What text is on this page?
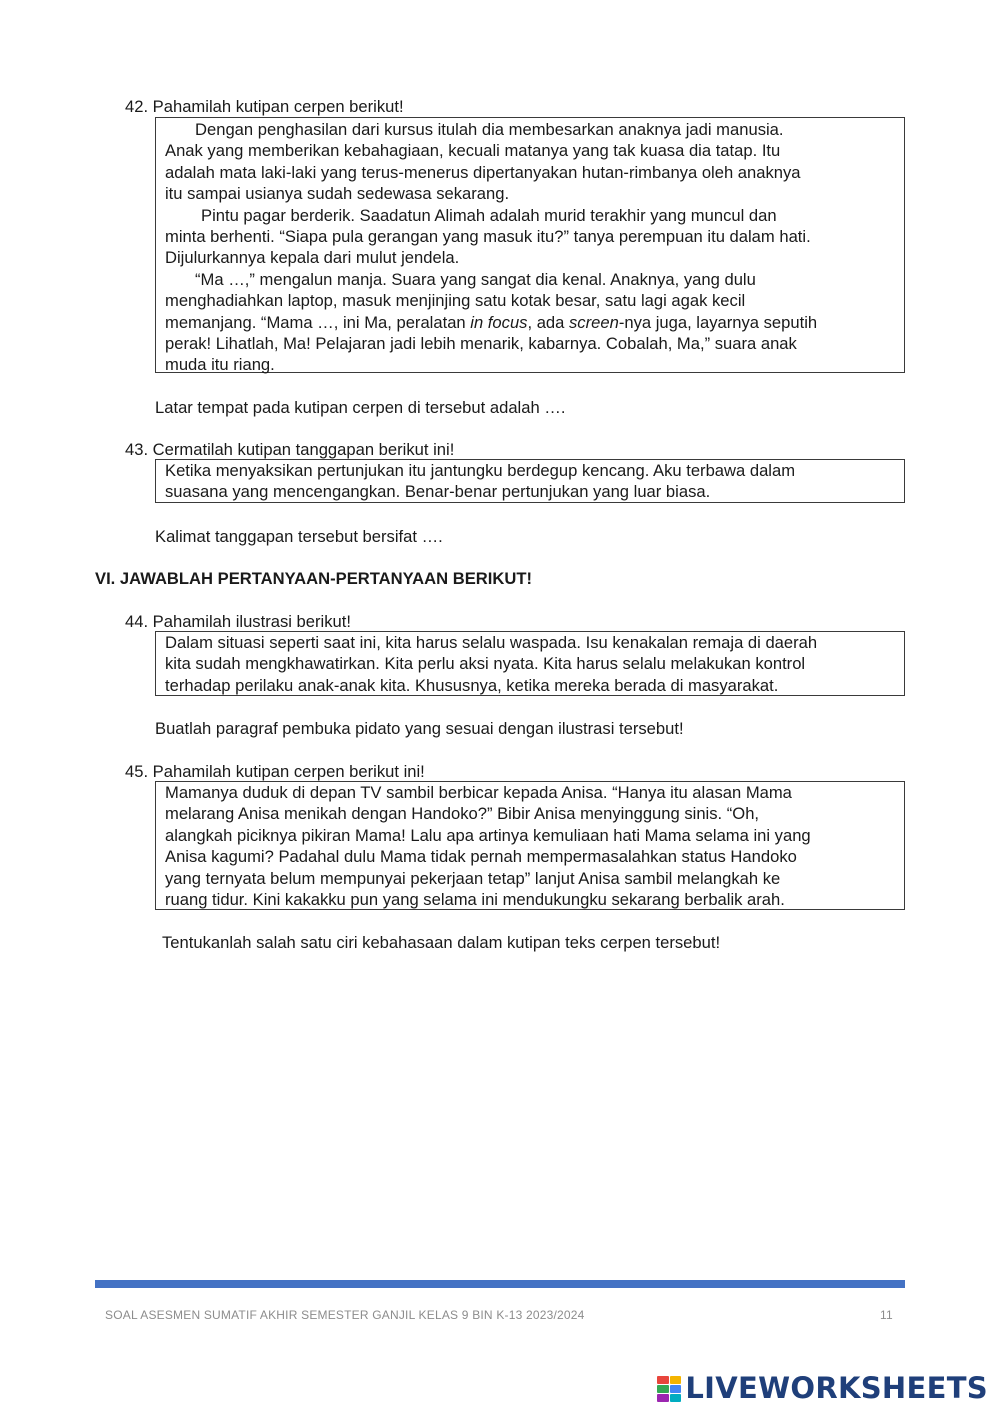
42. Pahamilah kutipan cerpen berikut!

Dengan penghasilan dari kursus itulah dia membesarkan anaknya jadi manusia.

Anak yang memberikan kebahagiaan, kecuali matanya yang tak kuasa dia tatap. Itu

adalah mata laki-laki yang terus-menerus dipertanyakan hutan-rimbanya oleh anaknya

itu sampai usianya sudah sedewasa sekarang.

Pintu pagar berderik. Saadatun Alimah adalah murid terakhir yang muncul dan

minta berhenti. “Siapa pula gerangan yang masuk itu?” tanya perempuan itu dalam hati.

Dijulurkannya kepala dari mulut jendela.

“Ma …,” mengalun manja. Suara yang sangat dia kenal. Anaknya, yang dulu

menghadiahkan laptop, masuk menjinjing satu kotak besar, satu lagi agak kecil

memanjang. “Mama …, ini Ma, peralatan in focus, ada screen-nya juga, layarnya seputih

perak! Lihatlah, Ma! Pelajaran jadi lebih menarik, kabarnya. Cobalah, Ma,” suara anak

muda itu riang.

Latar tempat pada kutipan cerpen di tersebut adalah ….
43. Cermatilah kutipan tanggapan berikut ini!

Ketika menyaksikan pertunjukan itu jantungku berdegup kencang. Aku terbawa dalam

suasana yang mencengangkan. Benar-benar pertunjukan yang luar biasa.

Kalimat tanggapan tersebut bersifat ….
VI. JAWABLAH PERTANYAAN-PERTANYAAN BERIKUT!
44. Pahamilah ilustrasi berikut!

Dalam situasi seperti saat ini, kita harus selalu waspada. Isu kenakalan remaja di daerah

kita sudah mengkhawatirkan. Kita perlu aksi nyata. Kita harus selalu melakukan kontrol

terhadap perilaku anak-anak kita. Khususnya, ketika mereka berada di masyarakat.

Buatlah paragraf pembuka pidato yang sesuai dengan ilustrasi tersebut!
45. Pahamilah kutipan cerpen berikut ini!

Mamanya duduk di depan TV sambil berbicar kepada Anisa. “Hanya itu alasan Mama

melarang Anisa menikah dengan Handoko?” Bibir Anisa menyinggung sinis. “Oh,

alangkah piciknya pikiran Mama! Lalu apa artinya kemuliaan hati Mama selama ini yang

Anisa kagumi? Padahal dulu Mama tidak pernah mempermasalahkan status Handoko

yang ternyata belum mempunyai pekerjaan tetap” lanjut Anisa sambil melangkah ke

ruang tidur. Kini kakakku pun yang selama ini mendukungku sekarang berbalik arah.

Tentukanlah salah satu ciri kebahasaan dalam kutipan teks cerpen tersebut!
SOAL ASESMEN SUMATIF AKHIR SEMESTER GANJIL KELAS 9 BIN K-13 2023/2024	11
LIVEWORKSHEETS
